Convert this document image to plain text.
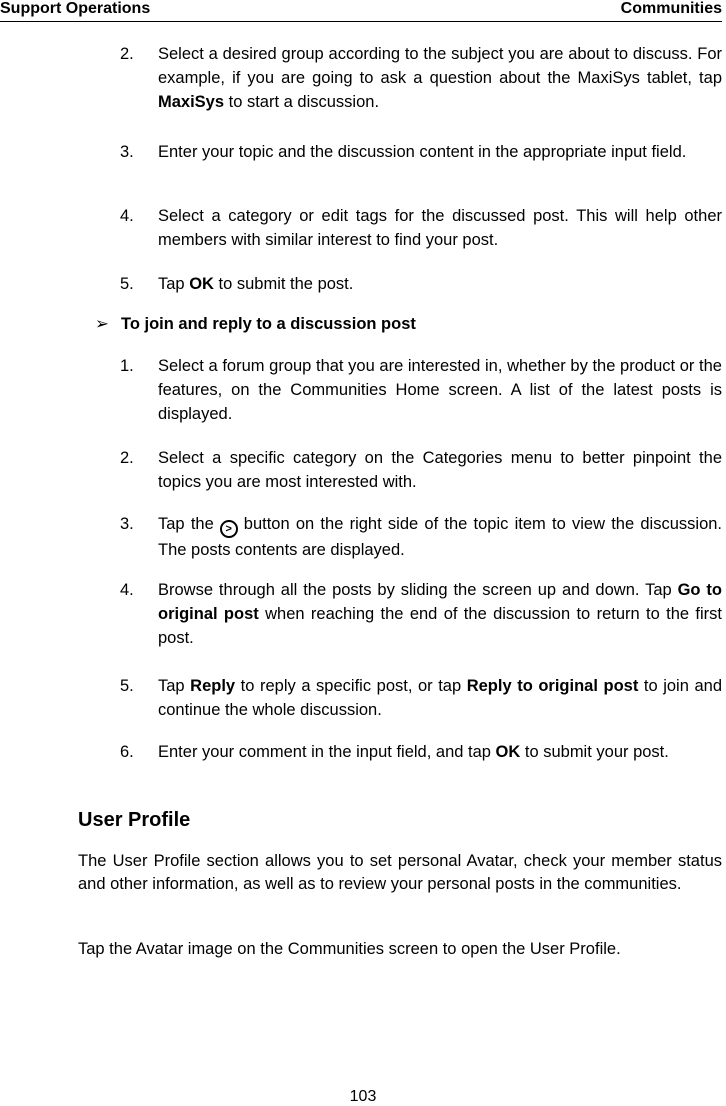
Support Operations	Communities
2. Select a desired group according to the subject you are about to discuss. For example, if you are going to ask a question about the MaxiSys tablet, tap MaxiSys to start a discussion.
3. Enter your topic and the discussion content in the appropriate input field.
4. Select a category or edit tags for the discussed post. This will help other members with similar interest to find your post.
5. Tap OK to submit the post.
➢ To join and reply to a discussion post
1. Select a forum group that you are interested in, whether by the product or the features, on the Communities Home screen. A list of the latest posts is displayed.
2. Select a specific category on the Categories menu to better pinpoint the topics you are most interested with.
3. Tap the > button on the right side of the topic item to view the discussion. The posts contents are displayed.
4. Browse through all the posts by sliding the screen up and down. Tap Go to original post when reaching the end of the discussion to return to the first post.
5. Tap Reply to reply a specific post, or tap Reply to original post to join and continue the whole discussion.
6. Enter your comment in the input field, and tap OK to submit your post.
User Profile
The User Profile section allows you to set personal Avatar, check your member status and other information, as well as to review your personal posts in the communities.
Tap the Avatar image on the Communities screen to open the User Profile.
103
